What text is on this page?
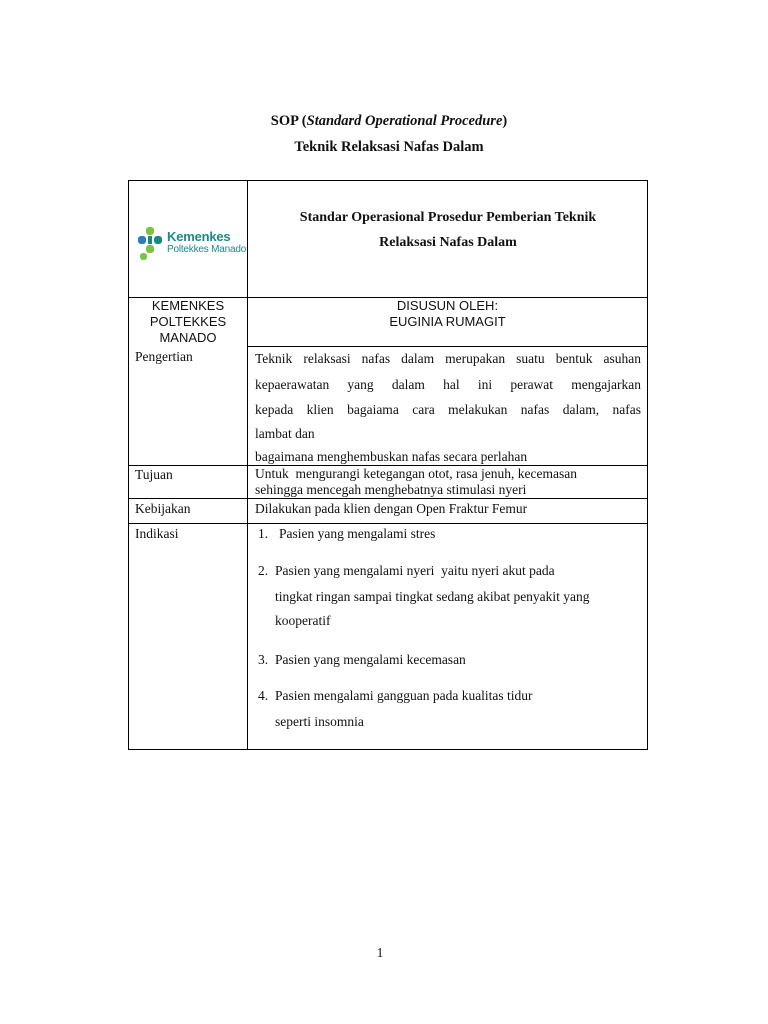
SOP (Standard Operational Procedure)
Teknik Relaksasi Nafas Dalam
Kemenkes
Poltekkes Manado
Standar Operasional Prosedur Pemberian Teknik
Relaksasi Nafas Dalam
KEMENKES
POLTEKKES
MANADO
DISUSUN OLEH:
EUGINIA RUMAGIT
Pengertian	Teknik relaksasi nafas dalam merupakan suatu bentuk asuhan
kepaerawatan yang dalam hal ini perawat mengajarkan
kepada klien bagaiama cara melakukan nafas dalam, nafas
lambat dan
bagaimana menghembuskan nafas secara perlahan
Tujuan	Untuk  mengurangi ketegangan otot, rasa jenuh, kecemasan
sehingga mencegah menghebatnya stimulasi nyeri
Kebijakan	Dilakukan pada klien dengan Open Fraktur Femur
Indikasi	1. Pasien yang mengalami stres
2. Pasien yang mengalami nyeri  yaitu nyeri akut pada
tingkat ringan sampai tingkat sedang akibat penyakit yang
kooperatif
3. Pasien yang mengalami kecemasan
4. Pasien mengalami gangguan pada kualitas tidur
seperti insomnia
1
